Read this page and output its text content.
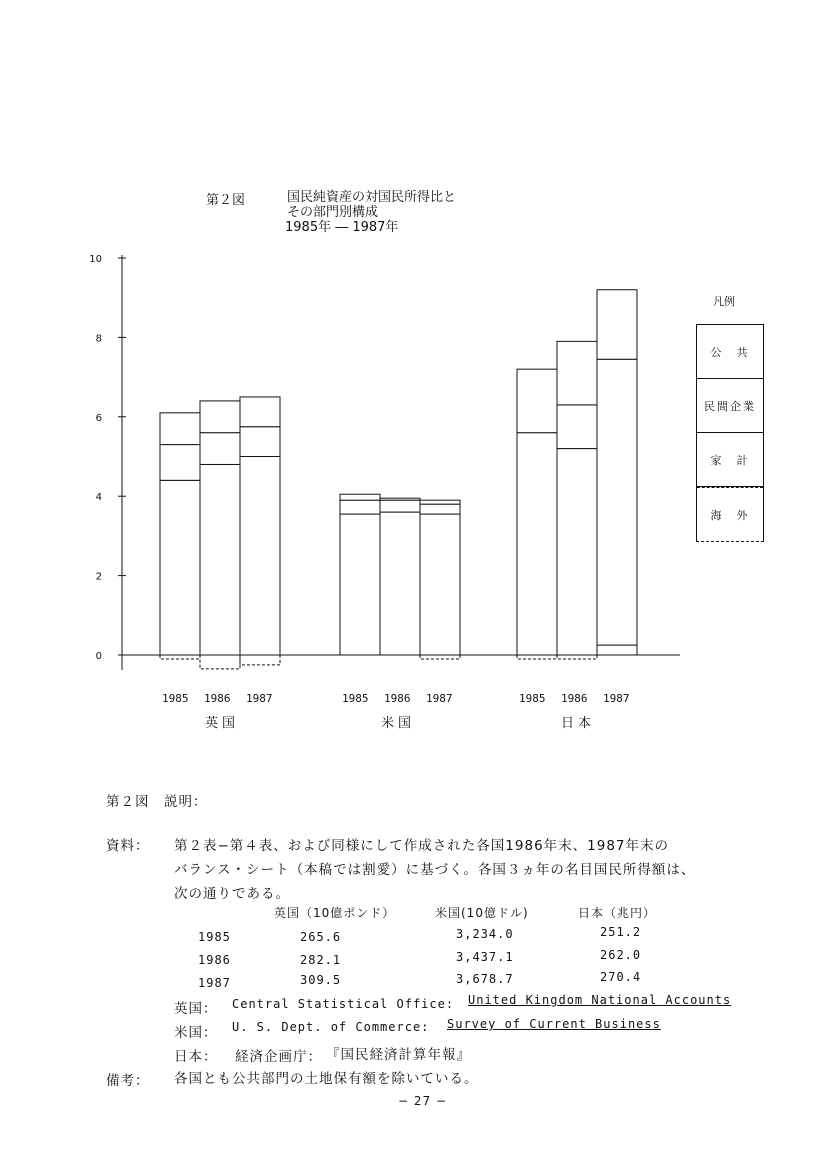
第２図	国民純資産の対国民所得比と
その部門別構成
1985年 ― 1987年
10
8
6
4
2
0
1985 1986 1987	1985 1986 1987	1985 1986 1987
英国	米国	日本
凡例
公　共
民間企業
家　計
海　外
第２図　説明：
資料： 第２表−第４表、および同様にして作成された各国1986年末、1987年末の
バランス・シート（本稿では割愛）に基づく。各国３ヵ年の名目国民所得額は、
次の通りである。
英国（10億ポンド）	米国(10億ドル)	日本（兆円）
1985	265.6	3,234.0	251.2
1986	282.1	3,437.1	262.0
1987	309.5	3,678.7	270.4
英国： Central Statistical Office: United Kingdom National Accounts
米国： U. S. Dept. of Commerce: Survey of Current Business
日本： 経済企画庁： 『国民経済計算年報』
備考： 各国とも公共部門の土地保有額を除いている。
− 27 −
